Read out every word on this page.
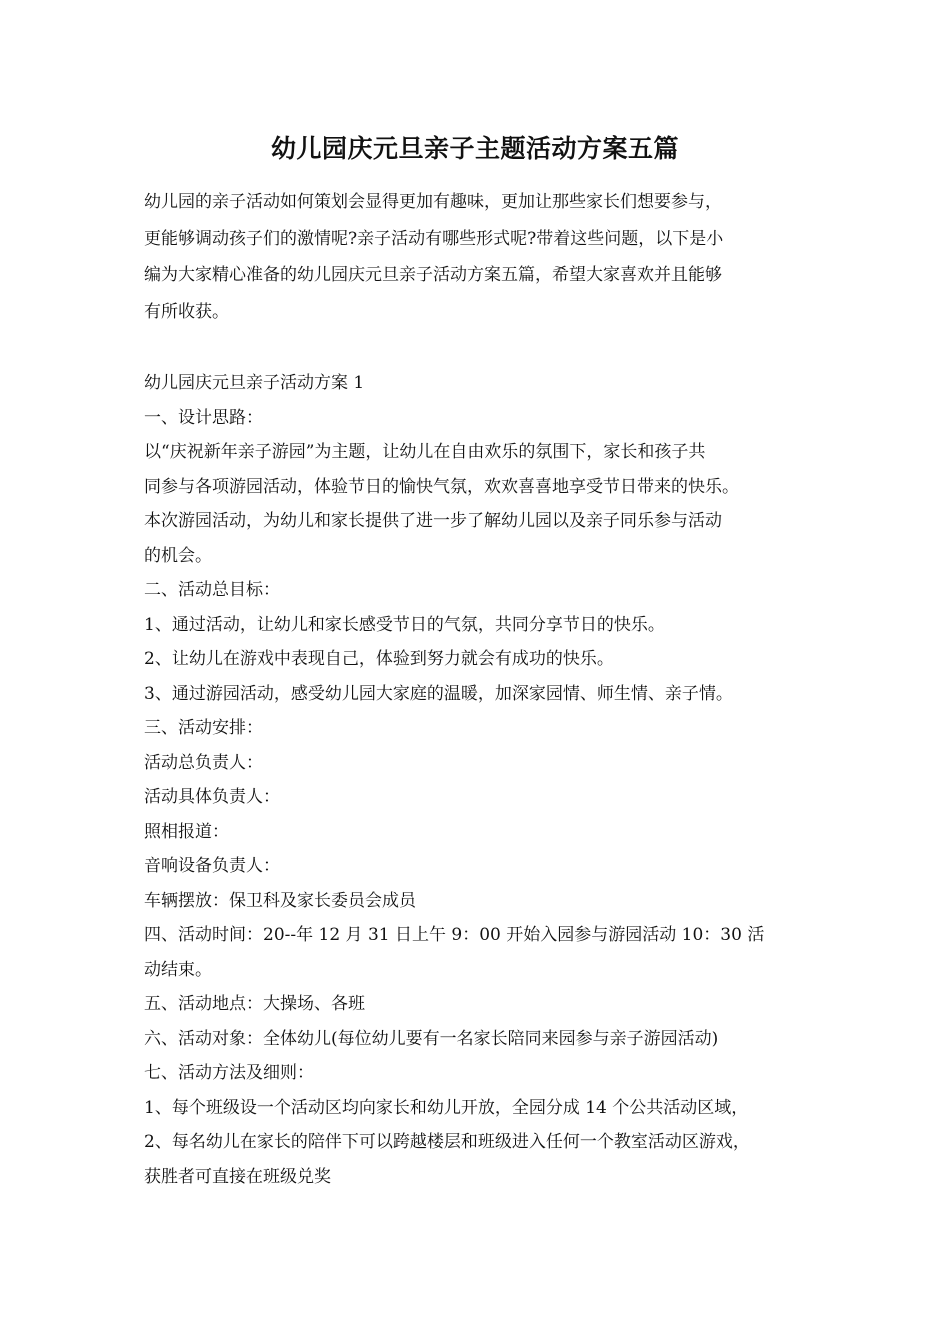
幼儿园庆元旦亲子主题活动方案五篇

幼儿园的亲子活动如何策划会显得更加有趣味，更加让那些家长们想要参与，

更能够调动孩子们的激情呢?亲子活动有哪些形式呢?带着这些问题，以下是小

编为大家精心准备的幼儿园庆元旦亲子活动方案五篇，希望大家喜欢并且能够

有所收获。

幼儿园庆元旦亲子活动方案 1

一、设计思路：

以“庆祝新年亲子游园”为主题，让幼儿在自由欢乐的氛围下，家长和孩子共

同参与各项游园活动，体验节日的愉快气氛，欢欢喜喜地享受节日带来的快乐。

本次游园活动，为幼儿和家长提供了进一步了解幼儿园以及亲子同乐参与活动

的机会。

二、活动总目标：

1、通过活动，让幼儿和家长感受节日的气氛，共同分享节日的快乐。

2、让幼儿在游戏中表现自己，体验到努力就会有成功的快乐。

3、通过游园活动，感受幼儿园大家庭的温暖，加深家园情、师生情、亲子情。

三、活动安排：

活动总负责人：

活动具体负责人：

照相报道：

音响设备负责人：

车辆摆放：保卫科及家长委员会成员

四、活动时间：20--年 12 月 31 日上午 9：00 开始入园参与游园活动 10：30 活

动结束。

五、活动地点：大操场、各班

六、活动对象：全体幼儿(每位幼儿要有一名家长陪同来园参与亲子游园活动)

七、活动方法及细则：

1、每个班级设一个活动区均向家长和幼儿开放，全园分成 14 个公共活动区域，

2、每名幼儿在家长的陪伴下可以跨越楼层和班级进入任何一个教室活动区游戏，

获胜者可直接在班级兑奖
